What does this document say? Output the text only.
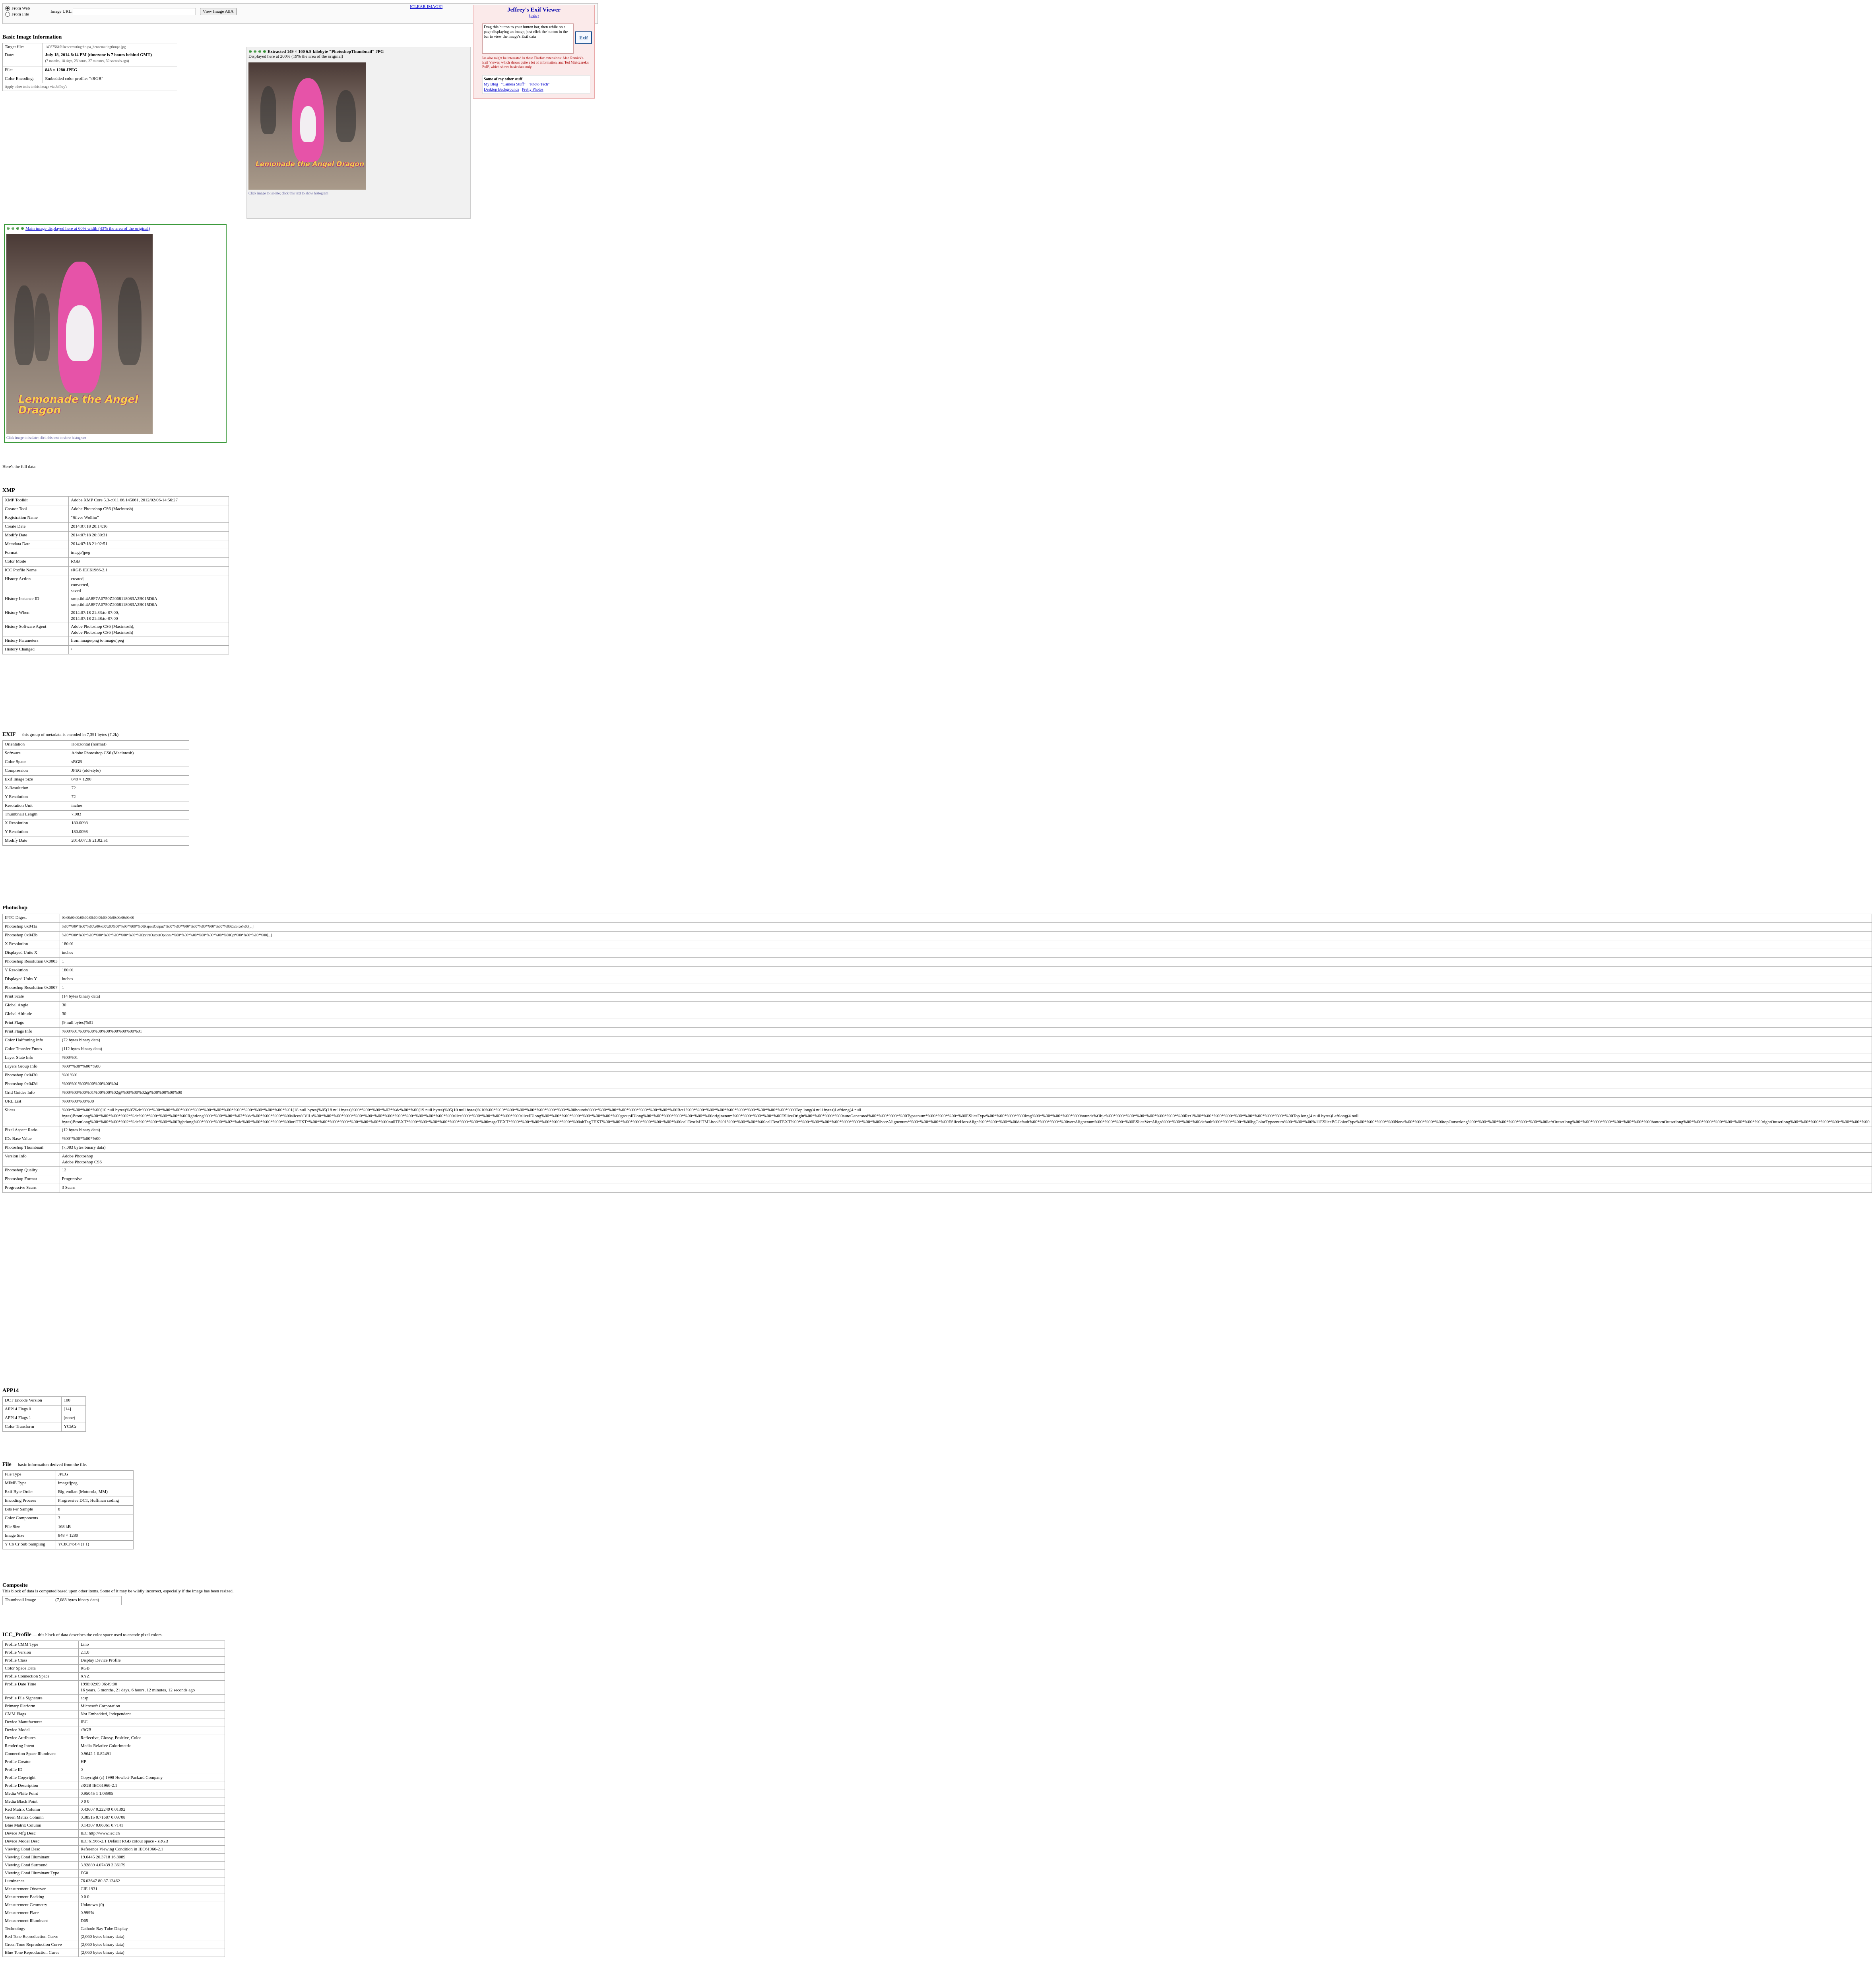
From Web
From File
Image URL:	View Image AllA
[CLEAR IMAGE]	Jeffrey's Exif Viewer
(help)
Drag this button to your button bar, then while on a page displaying an image, just click the button in the bar to view the image's Exif data	Exif
Ias also might be interested in these Firefox extensions: Alan Remick's Exif Viewer, which shows quite a lot of information, and Ted Mielczarek's FxIF, which shows basic data only.
Some of my other stuff
My Blog "Camera Stuff" "Photo Tech"
Desktop Backgrounds Pretty Photos
Basic Image Information
Target file:	14037561fd hencemutingthrupa_hencemutingthrupa.jpg
Date:	July 18, 2014 8:14 PM (timezone is 7 hours behind GMT)
(7 months, 18 days, 23 hours, 27 minutes, 30 seconds ago)
File:	848 × 1280 JPEG
Color Encoding:	Embedded color profile: "sRGB"
Apply other tools to this image via Jeffrey's	
⊕ ⊕ ⊕ ⊕ Extracted 149 × 160 6.9-kilobyte "PhotoshopThumbnail" JPG
Displayed here at 200% (19% the area of the original)
Lemonade the Angel Dragon
Click image to isolate; click this text to show histogram
⊕ ⊕ ⊕ ⊕ Main image displayed here at 60% width (43% the area of the original)
Lemonade the Angel Dragon
Click image to isolate; click this text to show histogram
Here's the full data:
XMP
XMP Toolkit	Adobe XMP Core 5.3-c011 66.145661, 2012/02/06-14:56:27
Creator Tool	Adobe Photoshop CS6 (Macintosh)
Registration Name	"Silver Wollim"
Create Date	2014:07:18 20:14:16
Modify Date	2014:07:18 20:30:31
Metadata Date	2014:07:18 21:02:51
Format	image/jpeg
Color Mode	RGB
ICC Profile Name	sRGB IEC61966-2.1
History Action	created,
converted,
saved
History Instance ID	xmp.iid:4A8F7A0750Z2068118083A2B015D0A
xmp.iid:4A8F7A0750Z2068118083A2B015D0A
History When	2014:07:18 21:33:to-07:00,
2014:07:18 21:48:to-07:00
History Software Agent	Adobe Photoshop CS6 (Macintosh),
Adobe Photoshop CS6 (Macintosh)
History Parameters	from image/png to image/jpeg
History Changed	/
EXIF — this group of metadata is encoded in 7,391 bytes (7.2k)
Orientation	Horizontal (normal)
Software	Adobe Photoshop CS6 (Macintosh)
Color Space	sRGB
Compression	JPEG (old-style)
Exif Image Size	848 × 1280
X-Resolution	72
Y-Resolution	72
Resolution Unit	inches
Thumbnail Length	7,083
X Resolution	180.0098
Y Resolution	180.0098
Modify Date	2014:07:18 21:02:51
Photoshop
IPTC Digest	00:00:00:00:00:00:00:00:00:00:00:00:00:00:00:00
Photoshop 0x041a	%00*%00*%00*%00\x00\x00\x00%00*%00*%00*%00ReportOutput*%00*%00*%00*%00*%00*%00*%00*%00Enforce%00[...]
Photoshop 0x043b	%00*%00*%00*%00*%00*%00*%00*%00*%00*%00printOutputOptions*%00*%00*%00*%00*%00*%00*%00Cpt%00*%00*%00*%00[...]
X Resolution	180.01
Displayed Units X	inches
Photoshop Resolution 0x0003	1
Y Resolution	180.01
Displayed Units Y	inches
Photoshop Resolution 0x0007	1
Print Scale	(14 bytes binary data)
Global Angle	30
Global Altitude	30
Print Flags	(9 null bytes)%01
Print Flags Info	%00%01%00%00%00%00%00%00%00%01
Color Halftoning Info	(72 bytes binary data)
Color Transfer Funcs	(112 bytes binary data)
Layer State Info	%00%01
Layers Group Info	%00*%00*%00*%00
Photoshop 0x0430	%01%01
Photoshop 0x042d	%00%01%00%00%00%00%04
Grid Guides Info	%00%00%00%01%00%00%02@%00%00%02@%00%00%00%00
URL List	%00%00%00%00
Slices	%00*%00*%00*%00(10 null bytes)%05%dc%00*%00*%00*%00*%00*%00*%00*%00*%00*%00*%00*%00*%00*%00*%01(18 null bytes)%05(18 null bytes)%00*%00*%00*%02*%dc%00*%00(19 null bytes)%05(10 null bytes)%10%00*%00*%00*%00*%00*%00*%00*%00*%00bounds%00*%00*%00*%00*%00*%00*%00*%00*%00Rct1%00*%00*%00*%00*%00*%00*%00*%00*%00*%00*%00Top long(4 null bytes)Leftlong(4 null bytes)Btomlong%00*%00*%00*%02*%dc%00*%00*%00*%00*%00Rghtlong%00*%00*%00*%02*%dc%00*%00*%00*%00slices%VlLs%00*%00*%00*%00*%00*%00*%00*%00*%00*%00*%00*%00*%00*%00slice%00*%00*%00*%00*%00*%00sliceIDlong%00*%00*%00*%00*%00*%00*%00*%00groupIDlong%00*%00*%00*%00*%00*%00*%00originenum%00*%00*%00*%00*%00ESliceOrigin%00*%00*%00*%00autoGenerated%00*%00*%00*%00Typeenum*%00*%00*%00*%00ESliceType%00*%00*%00*%00Img%00*%00*%00*%00*%00bounds%Objc%00*%00*%00*%00*%00*%00*%00*%00Rct1%00*%00*%00*%00*%00*%00*%00*%00*%00*%00Top long(4 null bytes)Leftlong(4 null bytes)Btomlong%00*%00*%00*%02*%dc%00*%00*%00*%00Rghtlong%00*%00*%00*%02*%dc%00*%00*%00*%00*%00urlTEXT*%00*%00*%00*%00*%00*%00*%00*%00nullTEXT*%00*%00*%00*%00*%00*%00*%00*%00msgeTEXT*%00*%00*%00*%00*%00*%00*%00altTagTEXT%00*%00*%00*%00*%00*%00*%00*%00cellTextIsHTMLbool%01%00*%00*%00*%00cellTextTEXT%00*%00*%00*%00*%00*%00*%00*%00*%00horzAlignenum*%00*%00*%00*%00ESliceHorzAlign%00*%00*%00*%00default%00*%00*%00*%00vertAlignenum%00*%00*%00*%00ESliceVertAlign%00*%00*%00*%00default%00*%00*%00*%00bgColorTypeenum%00*%00*%00%11ESliceBGColorType%00*%00*%00*%00None%00*%00*%00*%00topOutsetlong%00*%00*%00*%00*%00*%00*%00*%00leftOutsetlong%00*%00*%00*%00*%00*%00*%00*%00bottomOutsetlong%00*%00*%00*%00*%00*%00*%00*%00rightOutsetlong%00*%00*%00*%00*%00*%00*%00*%00
Pixel Aspect Ratio	(12 bytes binary data)
IDs Base Value	%00*%00*%00*%00
Photoshop Thumbnail	(7,083 bytes binary data)
Version Info	Adobe Photoshop
Adobe Photoshop CS6
Photoshop Quality	12
Photoshop Format	Progressive
Progressive Scans	3 Scans
APP14
DCT Encode Version	100
APP14 Flags 0	[14]
APP14 Flags 1	(none)
Color Transform	YCbCr
File — basic information derived from the file.
File Type	JPEG
MIME Type	image/jpeg
Exif Byte Order	Big-endian (Motorola, MM)
Encoding Process	Progressive DCT, Huffman coding
Bits Per Sample	8
Color Components	3
File Size	168 kB
Image Size	848 × 1280
Y Cb Cr Sub Sampling	YCbCr4:4:4 (1 1)
Composite
This block of data is computed based upon other items. Some of it may be wildly incorrect, especially if the image has been resized.
Thumbnail Image	(7,083 bytes binary data)
ICC_Profile — this block of data describes the color space used to encode pixel colors.
Profile CMM Type	Lino
Profile Version	2.1.0
Profile Class	Display Device Profile
Color Space Data	RGB
Profile Connection Space	XYZ
Profile Date Time	1998:02:09 06:49:00
16 years, 5 months, 21 days, 6 hours, 12 minutes, 12 seconds ago
Profile File Signature	acsp
Primary Platform	Microsoft Corporation
CMM Flags	Not Embedded, Independent
Device Manufacturer	IEC
Device Model	sRGB
Device Attributes	Reflective, Glossy, Positive, Color
Rendering Intent	Media-Relative Colorimetric
Connection Space Illuminant	0.9642 1 0.82491
Profile Creator	HP
Profile ID	0
Profile Copyright	Copyright (c) 1998 Hewlett-Packard Company
Profile Description	sRGB IEC61966-2.1
Media White Point	0.95045 1 1.08905
Media Black Point	0 0 0
Red Matrix Column	0.43607 0.22249 0.01392
Green Matrix Column	0.38515 0.71687 0.09708
Blue Matrix Column	0.14307 0.06061 0.7141
Device Mfg Desc	IEC http://www.iec.ch
Device Model Desc	IEC 61966-2.1 Default RGB colour space - sRGB
Viewing Cond Desc	Reference Viewing Condition in IEC61966-2.1
Viewing Cond Illuminant	19.6445 20.3718 16.8089
Viewing Cond Surround	3.92889 4.07439 3.36179
Viewing Cond Illuminant Type	D50
Luminance	76.03647 80 87.12462
Measurement Observer	CIE 1931
Measurement Backing	0 0 0
Measurement Geometry	Unknown (0)
Measurement Flare	0.999%
Measurement Illuminant	D65
Technology	Cathode Ray Tube Display
Red Tone Reproduction Curve	(2,060 bytes binary data)
Green Tone Reproduction Curve	(2,060 bytes binary data)
Blue Tone Reproduction Curve	(2,060 bytes binary data)
